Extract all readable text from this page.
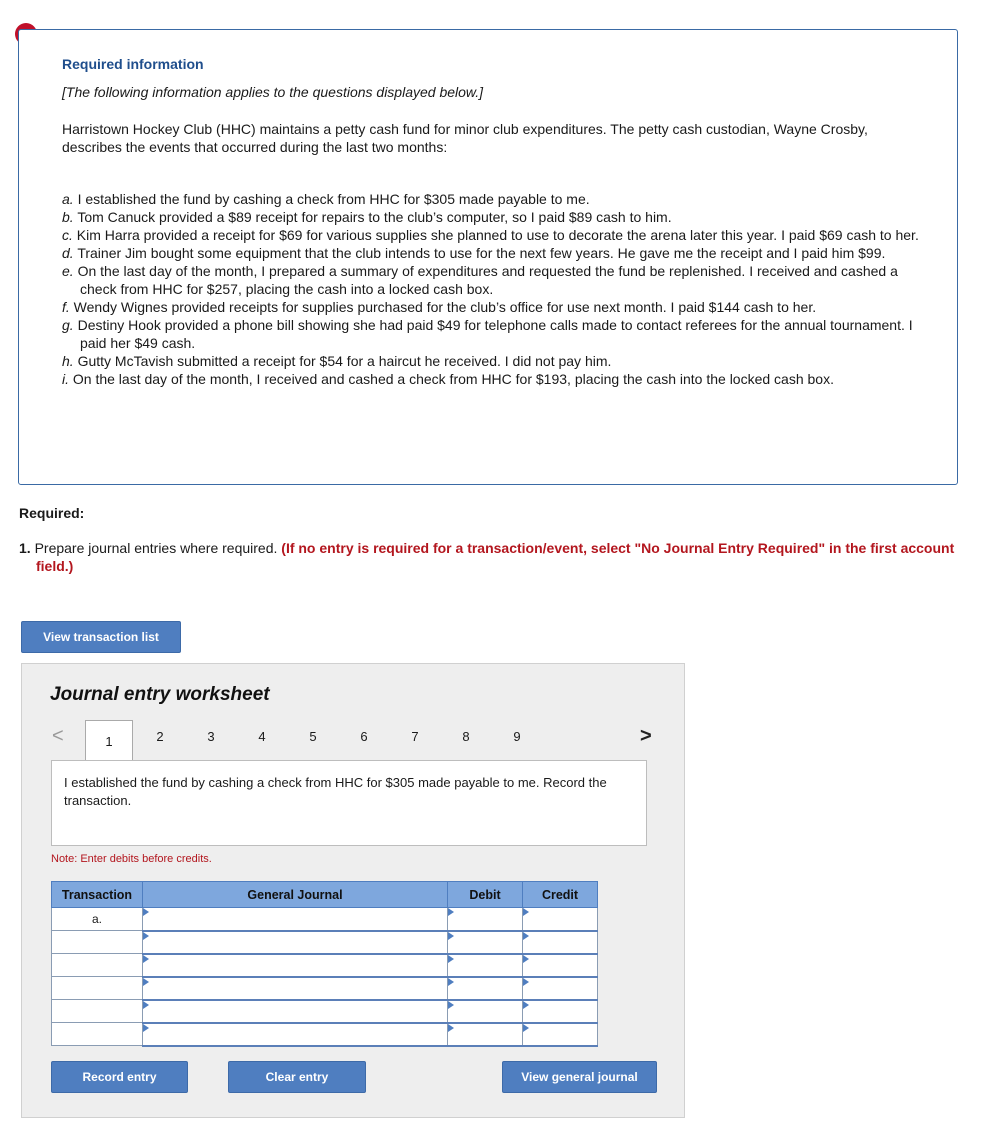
Required information
[The following information applies to the questions displayed below.]
Harristown Hockey Club (HHC) maintains a petty cash fund for minor club expenditures. The petty cash custodian, Wayne Crosby, describes the events that occurred during the last two months:
a. I established the fund by cashing a check from HHC for $305 made payable to me.
b. Tom Canuck provided a $89 receipt for repairs to the club’s computer, so I paid $89 cash to him.
c. Kim Harra provided a receipt for $69 for various supplies she planned to use to decorate the arena later this year. I paid $69 cash to her.
d. Trainer Jim bought some equipment that the club intends to use for the next few years. He gave me the receipt and I paid him $99.
e. On the last day of the month, I prepared a summary of expenditures and requested the fund be replenished. I received and cashed a check from HHC for $257, placing the cash into a locked cash box.
f. Wendy Wignes provided receipts for supplies purchased for the club’s office for use next month. I paid $144 cash to her.
g. Destiny Hook provided a phone bill showing she had paid $49 for telephone calls made to contact referees for the annual tournament. I paid her $49 cash.
h. Gutty McTavish submitted a receipt for $54 for a haircut he received. I did not pay him.
i. On the last day of the month, I received and cashed a check from HHC for $193, placing the cash into the locked cash box.
Required:
1. Prepare journal entries where required. (If no entry is required for a transaction/event, select "No Journal Entry Required" in the first account field.)
View transaction list
Journal entry worksheet
<	1	2	3	4	5	6	7	8	9	>
I established the fund by cashing a check from HHC for $305 made payable to me. Record the transaction.
Note: Enter debits before credits.
Transaction	General Journal	Debit	Credit
a.			

Record entry	Clear entry	View general journal
